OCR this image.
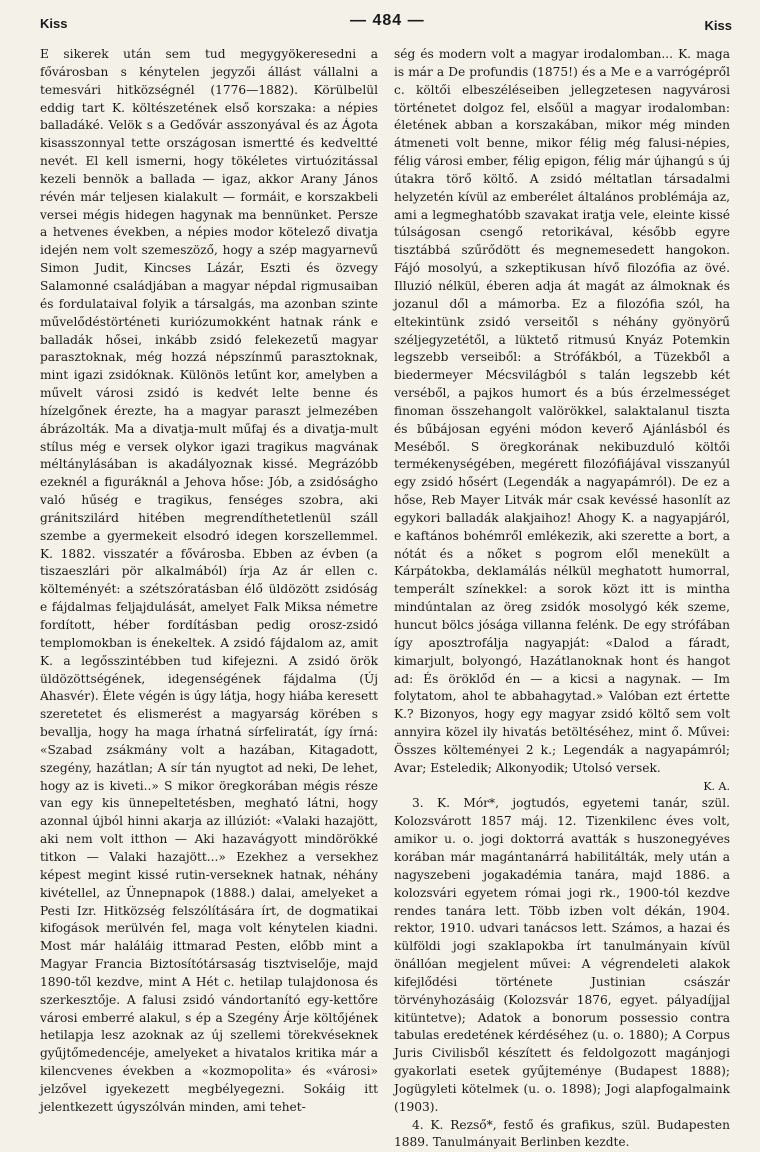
Kiss	— 484 —	Kiss

E sikerek után sem tud megygyökeresedni a fővárosban s kénytelen jegyzői állást vállalni a temesvári hitközségnél (1776—1882). Körülbelül eddig tart K. költészetének első korszaka: a népies balladáké. Velök s a Gedővár asszonyával és az Ágota kisasszonnyal tette országosan ismertté és kedveltté nevét. El kell ismerni, hogy tökéletes virtuózitással kezeli bennök a ballada — igaz, akkor Arany János révén már teljesen kialakult — formáit, e korszakbeli versei mégis hidegen hagynak ma bennünket. Persze a hetvenes években, a népies modor kötelező divatja idején nem volt szemeszöző, hogy a szép magyarnevű Simon Judit, Kincses Lázár, Eszti és özvegy Salamonné családjában a magyar népdal rigmusaiban és fordulataival folyik a társalgás, ma azonban szinte művelődéstörténeti kuriózumokként hatnak ránk e balladák hősei, inkább zsidó felekezetű magyar parasztoknak, még hozzá népszínmű parasztoknak, mint igazi zsidóknak. Különös letűnt kor, amelyben a művelt városi zsidó is kedvét lelte benne és hízelgőnek érezte, ha a magyar paraszt jelmezében ábrázolták. Ma a divatja-mult műfaj és a divatja-mult stílus még e versek olykor igazi tragikus magvának méltánylásában is akadályoznak kissé. Megrázóbb ezeknél a figuráknál a Jehova hőse: Jób, a zsidóságho való hűség e tragikus, fenséges szobra, aki gránitszilárd hitében megrendíthetetlenül száll szembe a gyermekeit elsodró idegen korszellemmel. K. 1882. visszatér a fővárosba. Ebben az évben (a tiszaeszlári pör alkalmából) írja Az ár ellen c. költeményét: a szétszóratásban élő üldözött zsidóság e fájdalmas feljajdulását, amelyet Falk Miksa németre fordított, héber fordításban pedig orosz-zsidó templomokban is énekeltek. A zsidó fájdalom az, amit K. a legősszintébben tud kifejezni. A zsidó örök üldözöttségének, idegenségének fájdalma (Új Ahasvér). Élete végén is úgy látja, hogy hiába keresett szeretetet és elismerést a magyarság körében s bevallja, hogy ha maga írhatná sírfeliratát, így írná: «Szabad zsákmány volt a hazában, Kitagadott, szegény, hazátlan; A sír tán nyugtot ad neki, De lehet, hogy az is kiveti..» S mikor öregkorában mégis része van egy kis ünnepeltetésben, megható látni, hogy azonnal újból hinni akarja az illúziót: «Valaki hazajött, aki nem volt itthon — Aki hazavágyott mindörökké titkon — Valaki hazajött...» Ezekhez a versekhez képest megint kissé rutin-verseknek hatnak, néhány kivétellel, az Ünnepnapok (1888.) dalai, amelyeket a Pesti Izr. Hitközség felszólítására írt, de dogmatikai kifogások merülvén fel, maga volt kénytelen kiadni. Most már haláláig ittmarad Pesten, előbb mint a Magyar Francia Biztosítótársaság tisztviselője, majd 1890-től kezdve, mint A Hét c. hetilap tulajdonosa és szerkesztője. A falusi zsidó vándortanító egy-kettőre városi emberré alakul, s ép a Szegény Árje költőjének hetilapja lesz azoknak az új szellemi törekvéseknek gyűjtőmedencéje, amelyeket a hivatalos kritika már a kilencvenes években a «kozmopolita» és «városi» jelzővel igyekezett megbélyegezni. Sokáig itt jelentkezett úgyszólván minden, ami tehet-

ség és modern volt a magyar irodalomban... K. maga is már a De profundis (1875!) és a Me e a varrógépről c. költői elbeszéléseiben jellegzetesen nagyvárosi történetet dolgoz fel, elsőül a magyar irodalomban: életének abban a korszakában, mikor még minden átmeneti volt benne, mikor félig még falusi-népies, félig városi ember, félig epigon, félig már újhangú s új útakra törő költő. A zsidó méltatlan társadalmi helyzetén kívül az emberélet általános problémája az, ami a legmeghatóbb szavakat iratja vele, eleinte kissé túlságosan csengő retorikával, később egyre tisztábbá szűrődött és megnemesedett hangokon. Fájó mosolyú, a szkeptikusan hívő filozófia az övé. Illuzió nélkül, éberen adja át magát az álmoknak és jozanul dől a mámorba. Ez a filozófia szól, ha eltekintünk zsidó verseitől s néhány gyönyörű széljegyzetétől, a lüktető ritmusú Knyáz Potemkin legszebb verseiből: a Strófákból, a Tüzekből a biedermeyer Mécsvilágból s talán legszebb két verséből, a pajkos humort és a bús érzelmességet finoman összehangolt valörökkel, salaktalanul tiszta és bűbájosan egyéni módon keverő Ajánlásból és Meséből. S öregkorának nekibuzduló költői termékenységében, megérett filozófiájával visszanyúl egy zsidó hősért (Legendák a nagyapámról). De ez a hőse, Reb Mayer Litvák már csak kevéssé hasonlít az egykori balladák alakjaihoz! Ahogy K. a nagyapjáról, e kaftános bohémről emlékezik, aki szerette a bort, a nótát és a nőket s pogrom elől menekült a Kárpátokba, deklamálás nélkül meghatott humorral, temperált színekkel: a sorok közt itt is mintha mindúntalan az öreg zsidók mosolygó kék szeme, huncut bölcs jósága villanna felénk. De egy strófában így aposztrofálja nagyapját: «Dalod a fáradt, kimarjult, bolyongó, Hazátlanoknak hont és hangot ad: És öröklőd én — a kicsi a nagynak. — Im folytatom, ahol te abbahagytad.» Valóban ezt értette K.? Bizonyos, hogy egy magyar zsidó költő sem volt annyira közel ily hivatás betöltéséhez, mint ő. Művei: Összes költeményei 2 k.; Legendák a nagyapámról; Avar; Esteledik; Alkonyodik; Utolsó versek.

K. A.

3. K. Mór*, jogtudós, egyetemi tanár, szül. Kolozsvárott 1857 máj. 12. Tizenkilenc éves volt, amikor u. o. jogi doktorrá avatták s huszonegyéves korában már magántanárrá habilitálták, mely után a nagyszebeni jogakadémia tanára, majd 1886. a kolozsvári egyetem római jogi rk., 1900-tól kezdve rendes tanára lett. Több izben volt dékán, 1904. rektor, 1910. udvari tanácsos lett. Számos, a hazai és külföldi jogi szaklapokba írt tanulmányain kívül önállóan megjelent művei: A végrendeleti alakok kifejlődési története Justinian császár törvényhozásáig (Kolozsvár 1876, egyet. pályadíjjal kitüntetve); Adatok a bonorum possessio contra tabulas eredetének kérdéséhez (u. o. 1880); A Corpus Juris Civilisből készített és feldolgozott magánjogi gyakorlati esetek gyűjteménye (Budapest 1888); Jogügyleti kötelmek (u. o. 1898); Jogi alapfogalmaink (1903).

4. K. Rezső*, festő és grafikus, szül. Budapesten 1889. Tanulmányait Berlinben kezdte.
